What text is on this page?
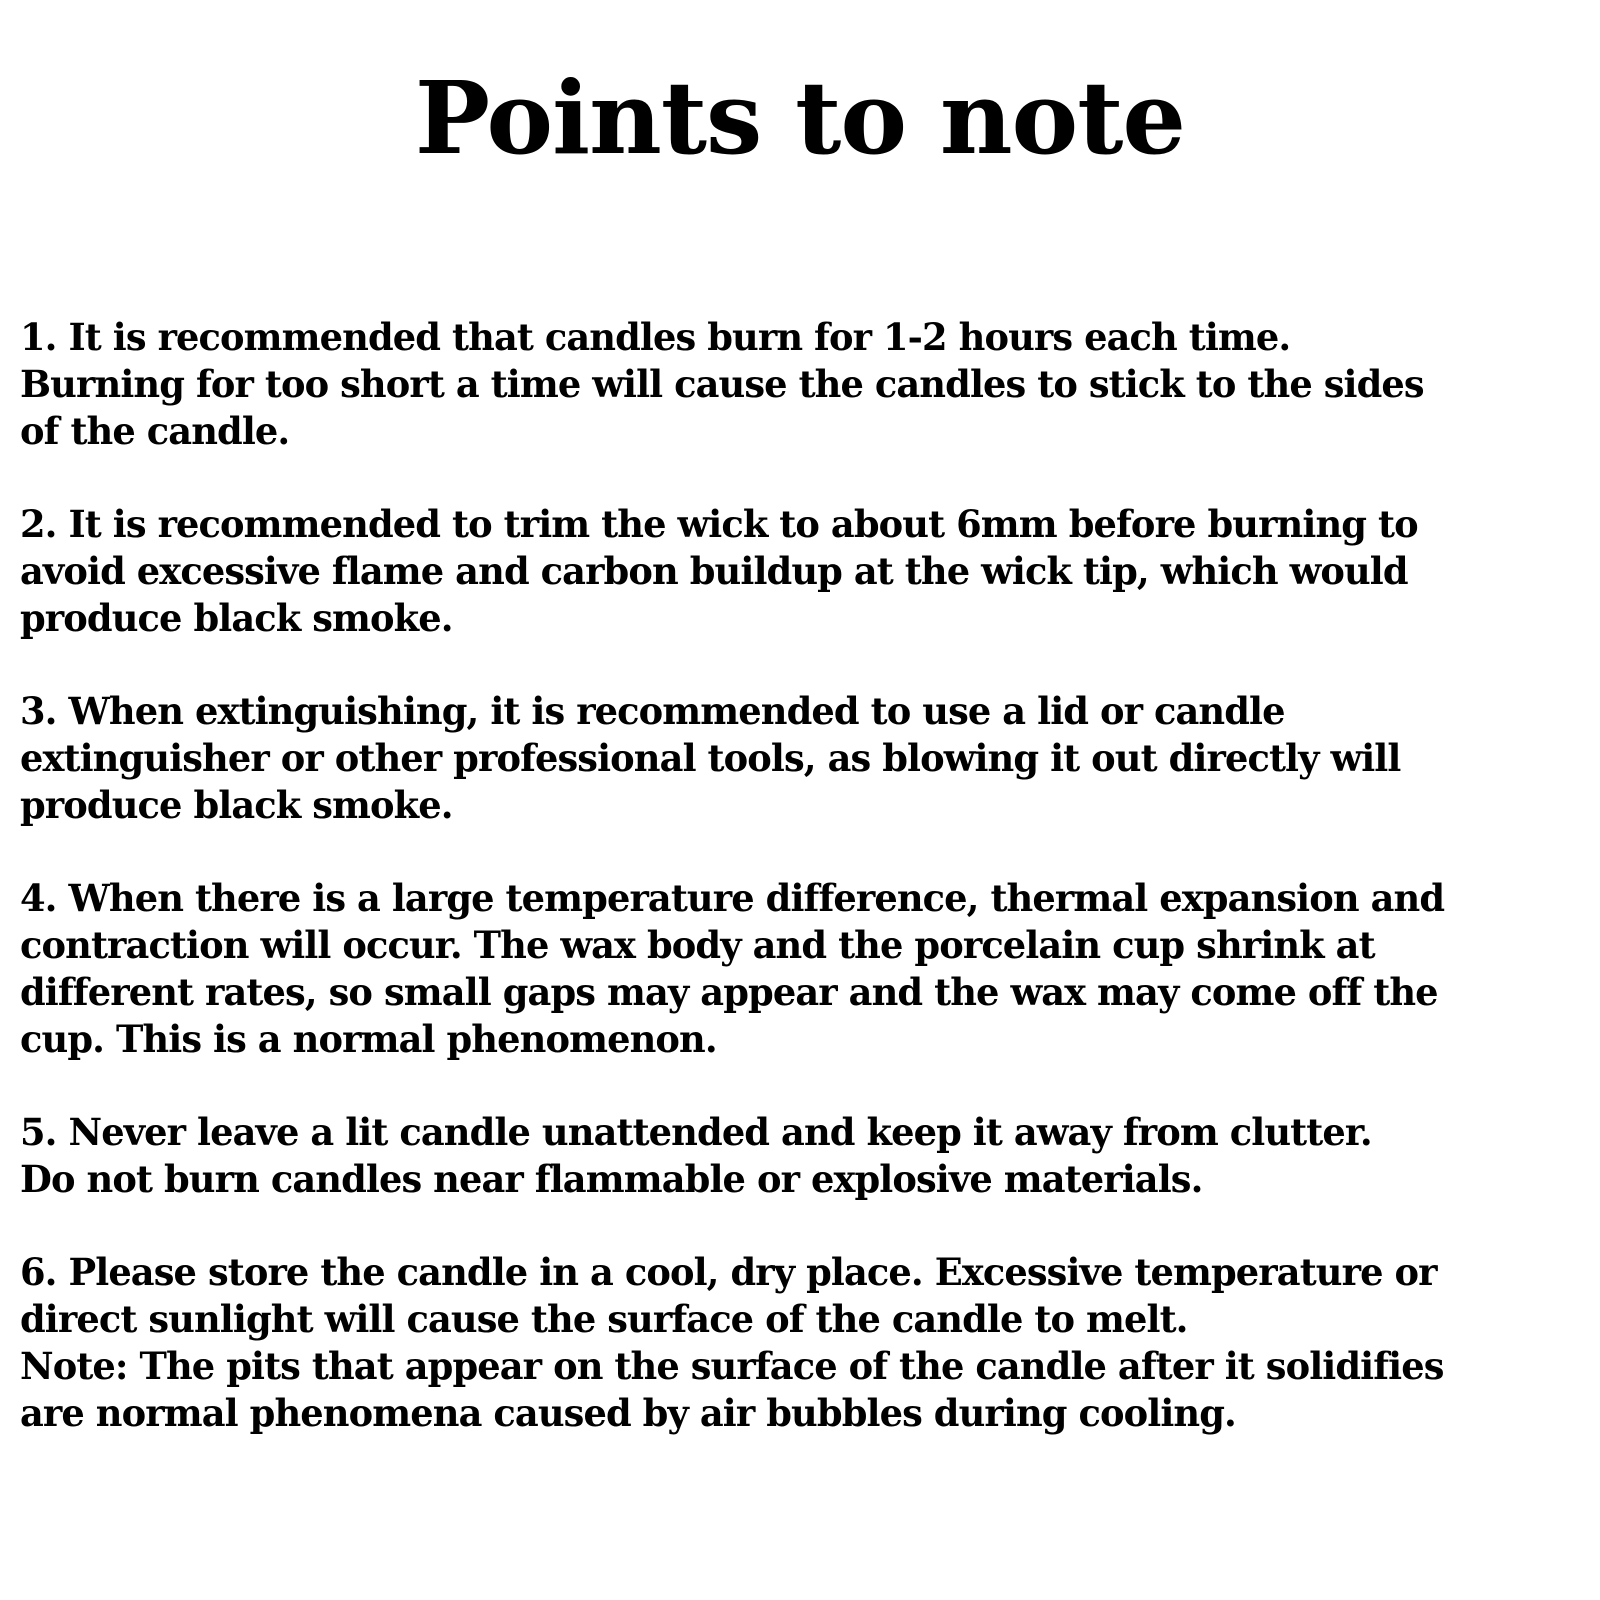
Points to note
1. It is recommended that candles burn for 1-2 hours each time.
Burning for too short a time will cause the candles to stick to the sides
of the candle.
2. It is recommended to trim the wick to about 6mm before burning to
avoid excessive flame and carbon buildup at the wick tip, which would
produce black smoke.
3. When extinguishing, it is recommended to use a lid or candle
extinguisher or other professional tools, as blowing it out directly will
produce black smoke.
4. When there is a large temperature difference, thermal expansion and
contraction will occur. The wax body and the porcelain cup shrink at
different rates, so small gaps may appear and the wax may come off the
cup. This is a normal phenomenon.
5. Never leave a lit candle unattended and keep it away from clutter.
Do not burn candles near flammable or explosive materials.
6. Please store the candle in a cool, dry place. Excessive temperature or
direct sunlight will cause the surface of the candle to melt.
Note: The pits that appear on the surface of the candle after it solidifies
are normal phenomena caused by air bubbles during cooling.
